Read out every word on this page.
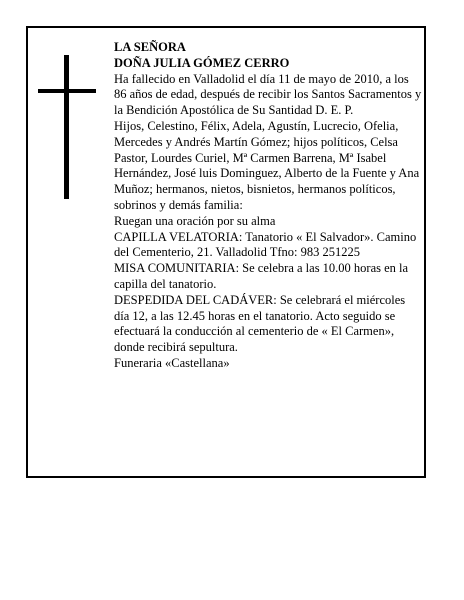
LA SEÑORA

DOÑA JULIA GÓMEZ CERRO

Ha fallecido en Valladolid el día 11 de mayo de 2010, a los 86 años de edad, después de recibir los Santos Sacramentos y la Bendición Apostólica de Su Santidad D. E. P.

Hijos, Celestino, Félix, Adela, Agustín, Lucrecio, Ofelia, Mercedes y Andrés Martín Gómez; hijos políticos, Celsa Pastor, Lourdes Curiel, Mª Carmen Barrena, Mª Isabel Hernández, José luis Dominguez, Alberto de la Fuente y Ana Muñoz; hermanos, nietos, bisnietos, hermanos políticos, sobrinos y demás familia:

Ruegan una oración por su alma

CAPILLA VELATORIA: Tanatorio « El Salvador». Camino del Cementerio, 21. Valladolid Tfno: 983 251225

MISA COMUNITARIA: Se celebra a las 10.00 horas en la capilla del tanatorio.

DESPEDIDA DEL CADÁVER: Se celebrará el miércoles día 12, a las 12.45 horas en el tanatorio. Acto seguido se efectuará la conducción al cementerio de « El Carmen», donde recibirá sepultura.

Funeraria «Castellana»
